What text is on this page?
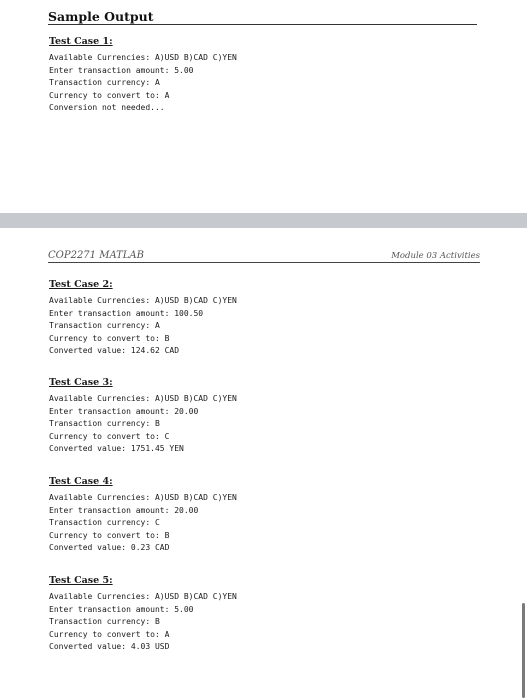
Sample Output
Test Case 1:
Available Currencies: A)USD B)CAD C)YEN
Enter transaction amount: 5.00
Transaction currency: A
Currency to convert to: A
Conversion not needed...
COP2271 MATLAB	Module 03 Activities
Test Case 2:
Available Currencies: A)USD B)CAD C)YEN
Enter transaction amount: 100.50
Transaction currency: A
Currency to convert to: B
Converted value: 124.62 CAD
Test Case 3:
Available Currencies: A)USD B)CAD C)YEN
Enter transaction amount: 20.00
Transaction currency: B
Currency to convert to: C
Converted value: 1751.45 YEN
Test Case 4:
Available Currencies: A)USD B)CAD C)YEN
Enter transaction amount: 20.00
Transaction currency: C
Currency to convert to: B
Converted value: 0.23 CAD
Test Case 5:
Available Currencies: A)USD B)CAD C)YEN
Enter transaction amount: 5.00
Transaction currency: B
Currency to convert to: A
Converted value: 4.03 USD
